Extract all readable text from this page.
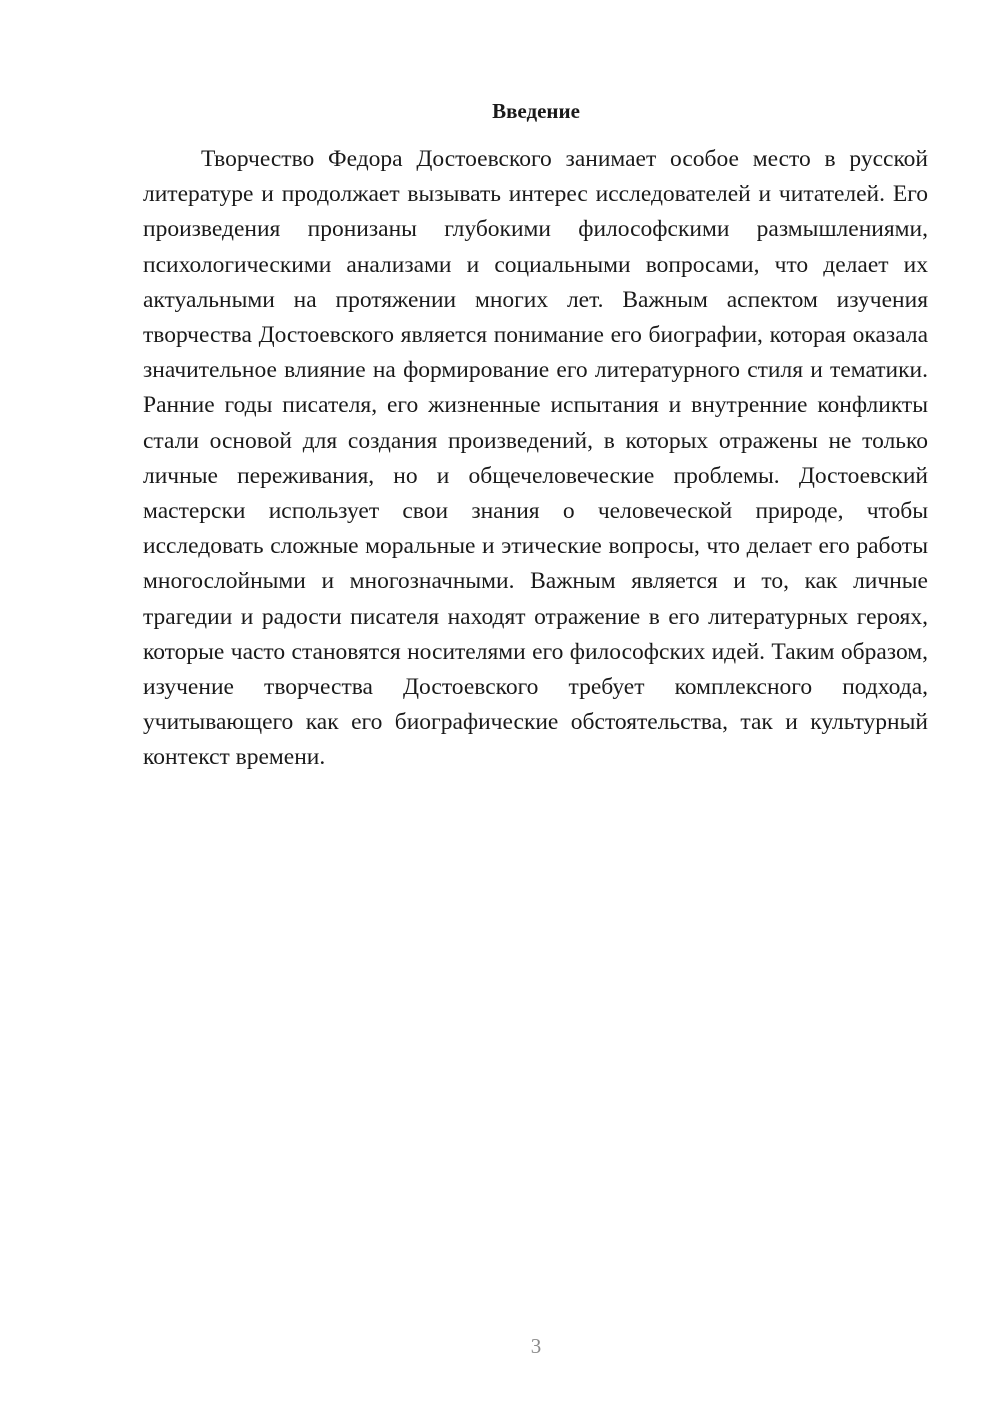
Введение

Творчество Федора Достоевского занимает особое место в русской литературе и продолжает вызывать интерес исследователей и читателей. Его произведения пронизаны глубокими философскими размышлениями, психологическими анализами и социальными вопросами, что делает их актуальными на протяжении многих лет. Важным аспектом изучения творчества Достоевского является понимание его биографии, которая оказала значительное влияние на формирование его литературного стиля и тематики. Ранние годы писателя, его жизненные испытания и внутренние конфликты стали основой для создания произведений, в которых отражены не только личные переживания, но и общечеловеческие проблемы. Достоевский мастерски использует свои знания о человеческой природе, чтобы исследовать сложные моральные и этические вопросы, что делает его работы многослойными и многозначными. Важным является и то, как личные трагедии и радости писателя находят отражение в его литературных героях, которые часто становятся носителями его философских идей. Таким образом, изучение творчества Достоевского требует комплексного подхода, учитывающего как его биографические обстоятельства, так и культурный контекст времени.

3
